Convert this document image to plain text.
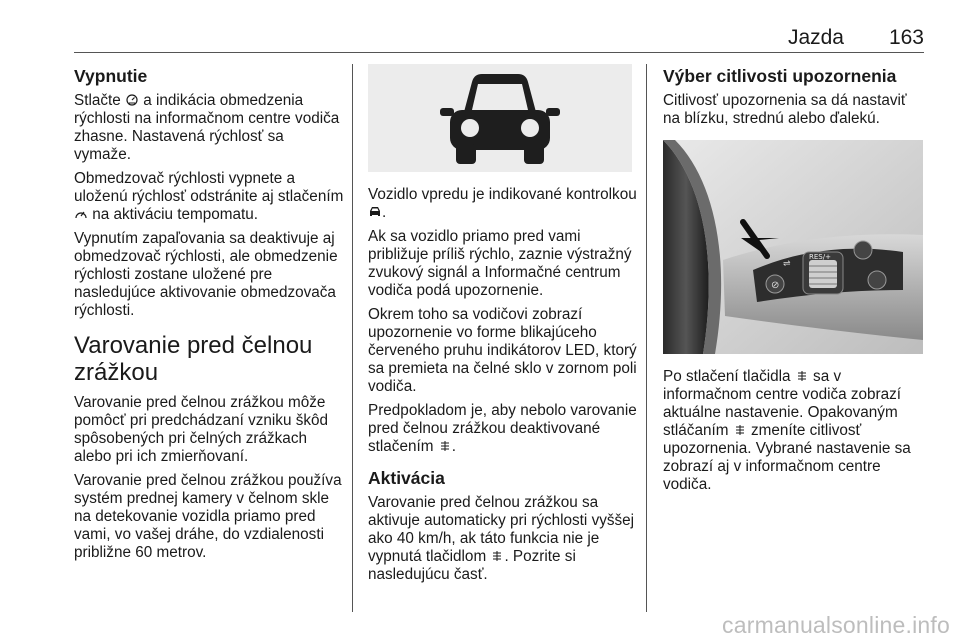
Jazda 163
Vypnutie

Stlačte  a indikácia obmedzenia rýchlosti na informačnom centre vodiča zhasne. Nastavená rýchlosť sa vymaže.

Obmedzovač rýchlosti vypnete a uloženú rýchlosť odstránite aj stlačením  na aktiváciu tempomatu.

Vypnutím zapaľovania sa deaktivuje aj obmedzovač rýchlosti, ale obmedzenie rýchlosti zostane uložené pre nasledujúce aktivovanie obmedzovača rýchlosti.

Varovanie pred čelnou zrážkou

Varovanie pred čelnou zrážkou môže pomôcť pri predchádzaní vzniku škôd spôsobených pri čelných zrážkach alebo pri ich zmierňovaní.

Varovanie pred čelnou zrážkou používa systém prednej kamery v čelnom skle na detekovanie vozidla priamo pred vami, vo vašej dráhe, do vzdialenosti približne 60 metrov.

Vozidlo vpredu je indikované kontrolkou .

Ak sa vozidlo priamo pred vami približuje príliš rýchlo, zaznie výstražný zvukový signál a Informačné centrum vodiča podá upozornenie.

Okrem toho sa vodičovi zobrazí upozornenie vo forme blikajúceho červeného pruhu indikátorov LED, ktorý sa premieta na čelné sklo v zornom poli vodiča.

Predpokladom je, aby nebolo varovanie pred čelnou zrážkou deaktivované stlačením .

Aktivácia

Varovanie pred čelnou zrážkou sa aktivuje automaticky pri rýchlosti vyššej ako 40 km/h, ak táto funkcia nie je vypnutá tlačidlom . Pozrite si nasledujúcu časť.

Výber citlivosti upozornenia

Citlivosť upozornenia sa dá nastaviť na blízku, strednú alebo ďalekú.

⊘
RES/+
⇌

Po stlačení tlačidla  sa v informačnom centre vodiča zobrazí aktuálne nastavenie. Opakovaným stláčaním  zmeníte citlivosť upozornenia. Vybrané nastavenie sa zobrazí aj v informačnom centre vodiča.

carmanualsonline.info
